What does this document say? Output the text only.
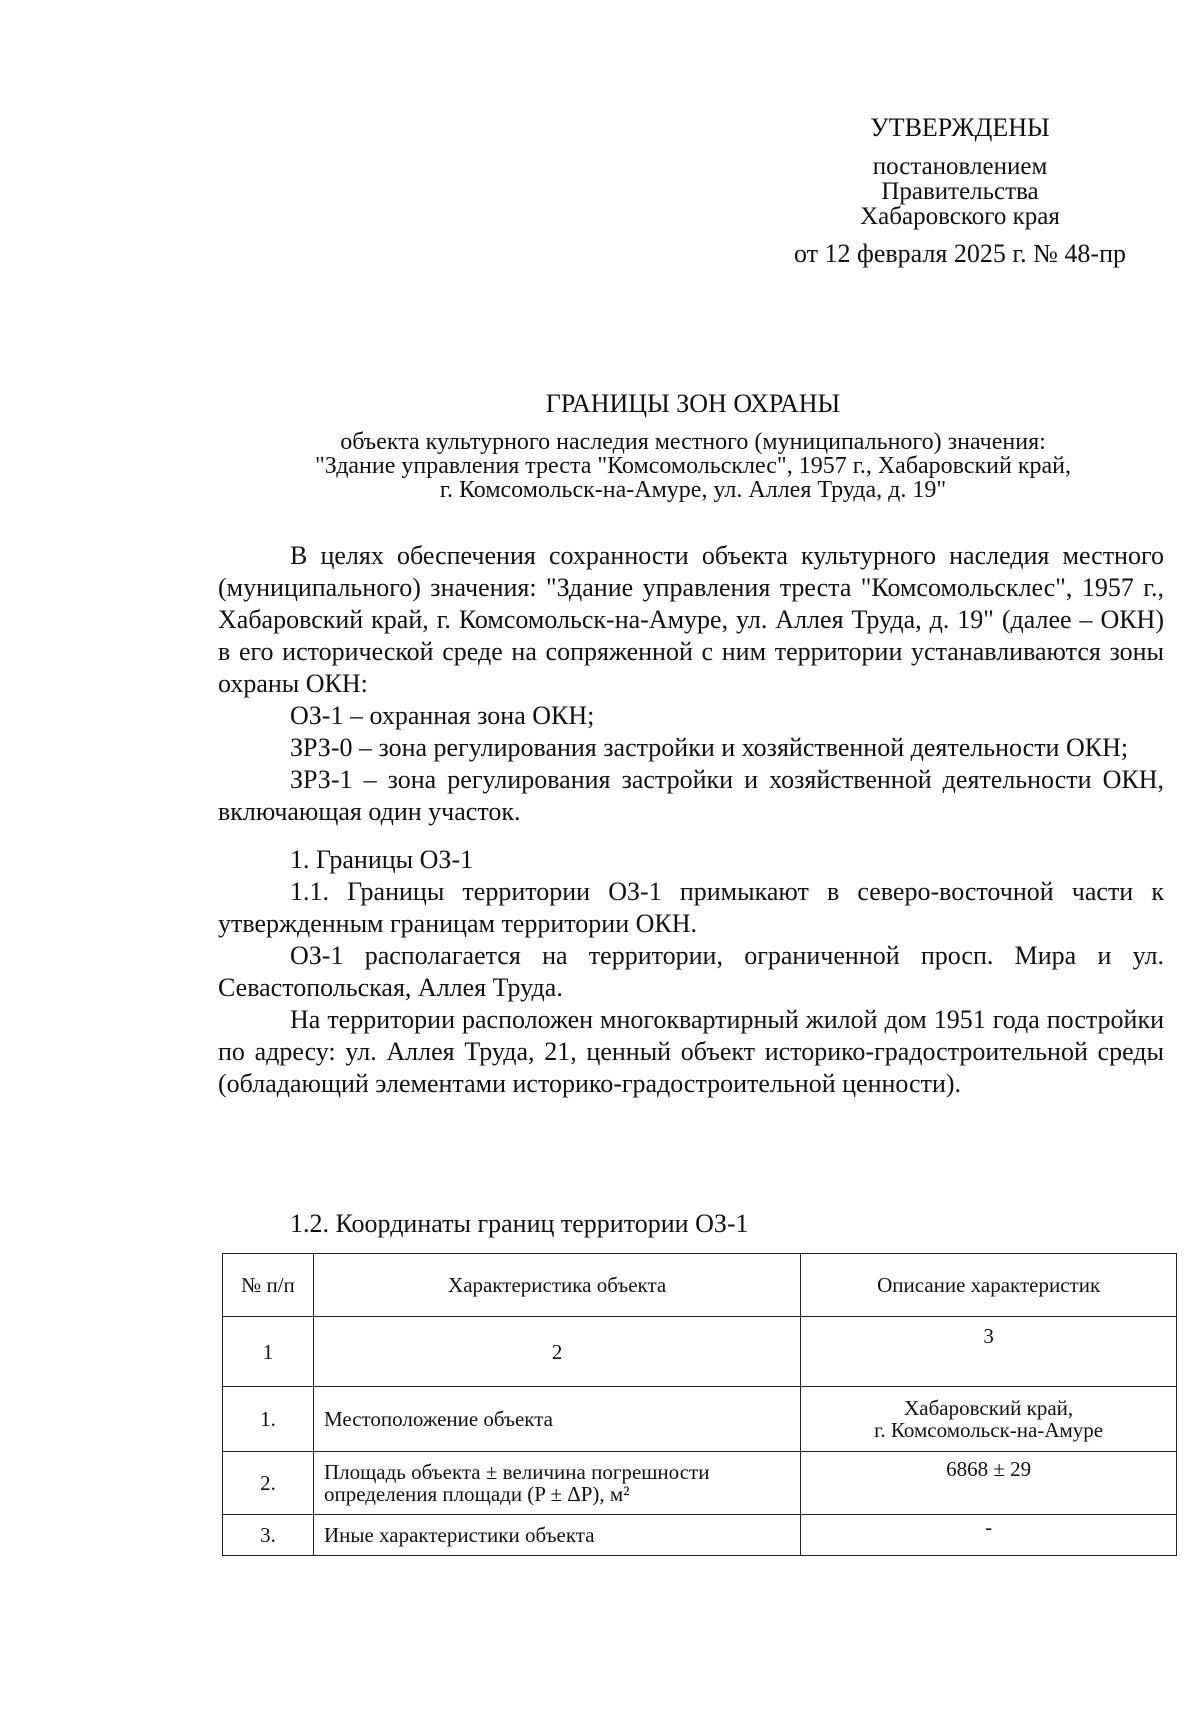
УТВЕРЖДЕНЫ
постановлением
Правительства
Хабаровского края
от 12 февраля 2025 г. № 48-пр
ГРАНИЦЫ ЗОН ОХРАНЫ
объекта культурного наследия местного (муниципального) значения:
"Здание управления треста "Комсомольсклес", 1957 г., Хабаровский край,
г. Комсомольск-на-Амуре, ул. Аллея Труда, д. 19"

В целях обеспечения сохранности объекта культурного наследия местного (муниципального) значения: "Здание управления треста "Комсомольсклес", 1957 г., Хабаровский край, г. Комсомольск-на-Амуре, ул. Аллея Труда, д. 19" (далее – ОКН) в его исторической среде на сопряженной с ним территории устанавливаются зоны охраны ОКН:

ОЗ-1 – охранная зона ОКН;

ЗРЗ-0 – зона регулирования застройки и хозяйственной деятельности ОКН;

ЗРЗ-1 – зона регулирования застройки и хозяйственной деятельности ОКН, включающая один участок.

1. Границы ОЗ-1

1.1. Границы территории ОЗ-1 примыкают в северо-восточной части к утвержденным границам территории ОКН.

ОЗ-1 располагается на территории, ограниченной просп. Мира и ул. Севастопольская, Аллея Труда.

На территории расположен многоквартирный жилой дом 1951 года постройки по адресу: ул. Аллея Труда, 21, ценный объект историко-градостроительной среды (обладающий элементами историко-градостроительной ценности).

1.2. Координаты границ территории ОЗ-1
№ п/п	Характеристика объекта	Описание характеристик
1	2	3
1.	Местоположение объекта	Хабаровский край,
г. Комсомольск-на-Амуре

2.	Площадь объекта ± величина погрешности
определения площади (P ± ΔP), м²	6868 ± 29
3.	Иные характеристики объекта	-
